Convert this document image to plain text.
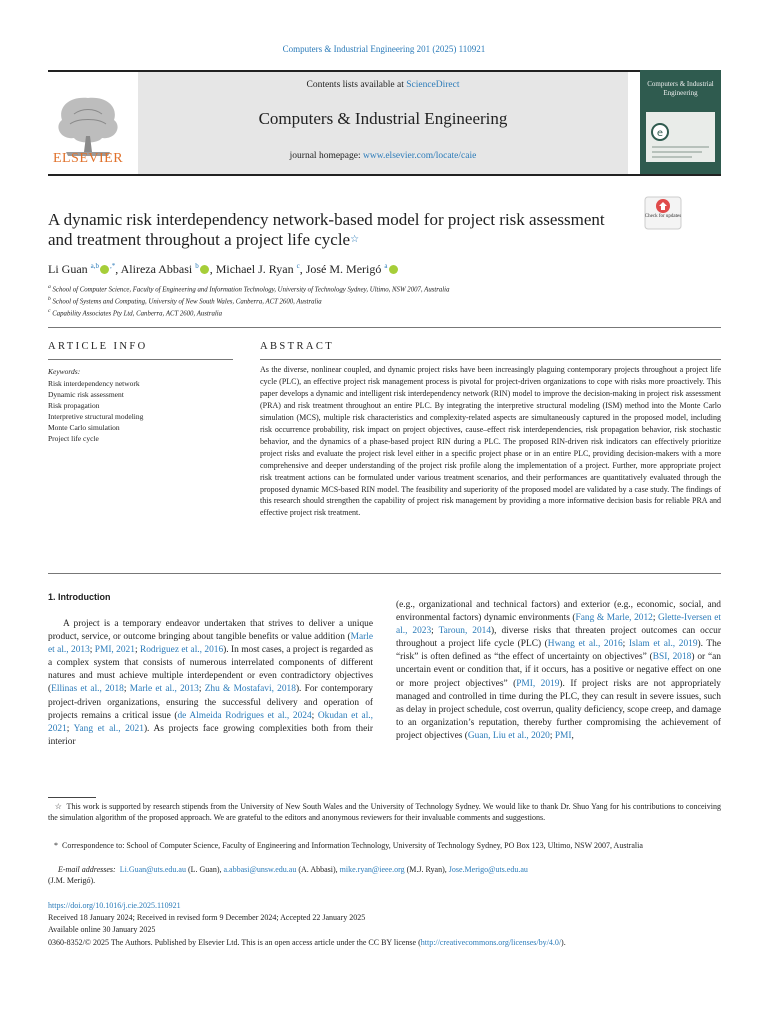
Computers & Industrial Engineering 201 (2025) 110921
Contents lists available at ScienceDirect
Computers & Industrial Engineering
journal homepage: www.elsevier.com/locate/caie
ELSEVIER
Computers & Industrial Engineering
e
Check for updates
A dynamic risk interdependency network-based model for project risk assessment and treatment throughout a project life cycle☆
Li Guan $^{a,b}$ ,*, Alireza Abbasi $^b$ , Michael J. Ryan $^c$, José M. Merigó $^a$
$^a$ School of Computer Science, Faculty of Engineering and Information Technology, University of Technology Sydney, Ultimo, NSW 2007, Australia
$^b$ School of Systems and Computing, University of New South Wales, Canberra, ACT 2600, Australia
$^c$ Capability Associates Pty Ltd, Canberra, ACT 2600, Australia
ARTICLE INFO
Keywords:
Risk interdependency network
Dynamic risk assessment
Risk propagation
Interpretive structural modeling
Monte Carlo simulation
Project life cycle
ABSTRACT
As the diverse, nonlinear coupled, and dynamic project risks have been increasingly plaguing contemporary projects throughout a project life cycle (PLC), an effective project risk management process is pivotal for project-driven organizations to cope with risks more proactively. This paper develops a dynamic and intelligent risk interdependency network (RIN) model to improve the decision-making in project risk assessment (PRA) and risk treatment throughout an entire PLC. By integrating the interpretive structural modeling (ISM) method into the Monte Carlo simulation (MCS), multiple risk characteristics and complexity-related aspects are simultaneously captured in the proposed model, including risk occurrence probability, risk impact on project objectives, cause–effect risk interdependencies, risk propagation behavior, risk stochastic behavior, and the dynamics of a phase-based project RIN during a PLC. The proposed RIN-driven risk indicators can effectively prioritize project risks and evaluate the project risk level either in a specific project phase or in an entire PLC, providing decision-makers with a more comprehensive and deeper understanding of the project risk profile along the implementation of a project. Further, more appropriate project risk treatment actions can be formulated under various treatment scenarios, and their performances are quantitatively evaluated through the proposed dynamic MCS-based RIN model. The feasibility and superiority of the proposed model are validated by a case study. The findings of this research should strengthen the capability of project risk management by providing a more informative decision basis for reliable PRA and effective project risk treatment.
1. Introduction
A project is a temporary endeavor undertaken that strives to deliver a unique product, service, or outcome bringing about tangible benefits or value addition (Marle et al., 2013; PMI, 2021; Rodriguez et al., 2016). In most cases, a project is regarded as a complex system that consists of numerous interrelated components of different natures and must achieve multiple interdependent or even contradictory objectives (Ellinas et al., 2018; Marle et al., 2013; Zhu & Mostafavi, 2018). For contemporary project-driven organizations, ensuring the successful delivery and operation of projects remains a critical issue (de Almeida Rodrigues et al., 2024; Okudan et al., 2021; Yang et al., 2021). As projects face growing complexities both from their interior
(e.g., organizational and technical factors) and exterior (e.g., economic, social, and environmental factors) dynamic environments (Fang & Marle, 2012; Glette-Iversen et al., 2023; Taroun, 2014), diverse risks that threaten project outcomes can occur throughout a project life cycle (PLC) (Hwang et al., 2016; Islam et al., 2019). The “risk” is often defined as “the effect of uncertainty on objectives” (BSI, 2018) or “an uncertain event or condition that, if it occurs, has a positive or negative effect on one or more project objectives” (PMI, 2019). If project risks are not appropriately managed and controlled in time during the PLC, they can result in severe issues, such as delay in project schedule, cost overrun, quality deficiency, scope creep, and damage to an organization’s reputation, thereby further compromising the achievement of project objectives (Guan, Liu et al., 2020; PMI,
☆ This work is supported by research stipends from the University of New South Wales and the University of Technology Sydney. We would like to thank Dr. Shuo Yang for his contributions to conceiving the simulation algorithm of the proposed approach. We are grateful to the editors and anonymous reviewers for their invaluable comments and suggestions.
* Correspondence to: School of Computer Science, Faculty of Engineering and Information Technology, University of Technology Sydney, PO Box 123, Ultimo, NSW 2007, Australia
E-mail addresses: Li.Guan@uts.edu.au (L. Guan), a.abbasi@unsw.edu.au (A. Abbasi), mike.ryan@ieee.org (M.J. Ryan), Jose.Merigo@uts.edu.au
(J.M. Merigó).
https://doi.org/10.1016/j.cie.2025.110921
Received 18 January 2024; Received in revised form 9 December 2024; Accepted 22 January 2025
Available online 30 January 2025
0360-8352/© 2025 The Authors. Published by Elsevier Ltd. This is an open access article under the CC BY license (http://creativecommons.org/licenses/by/4.0/).
